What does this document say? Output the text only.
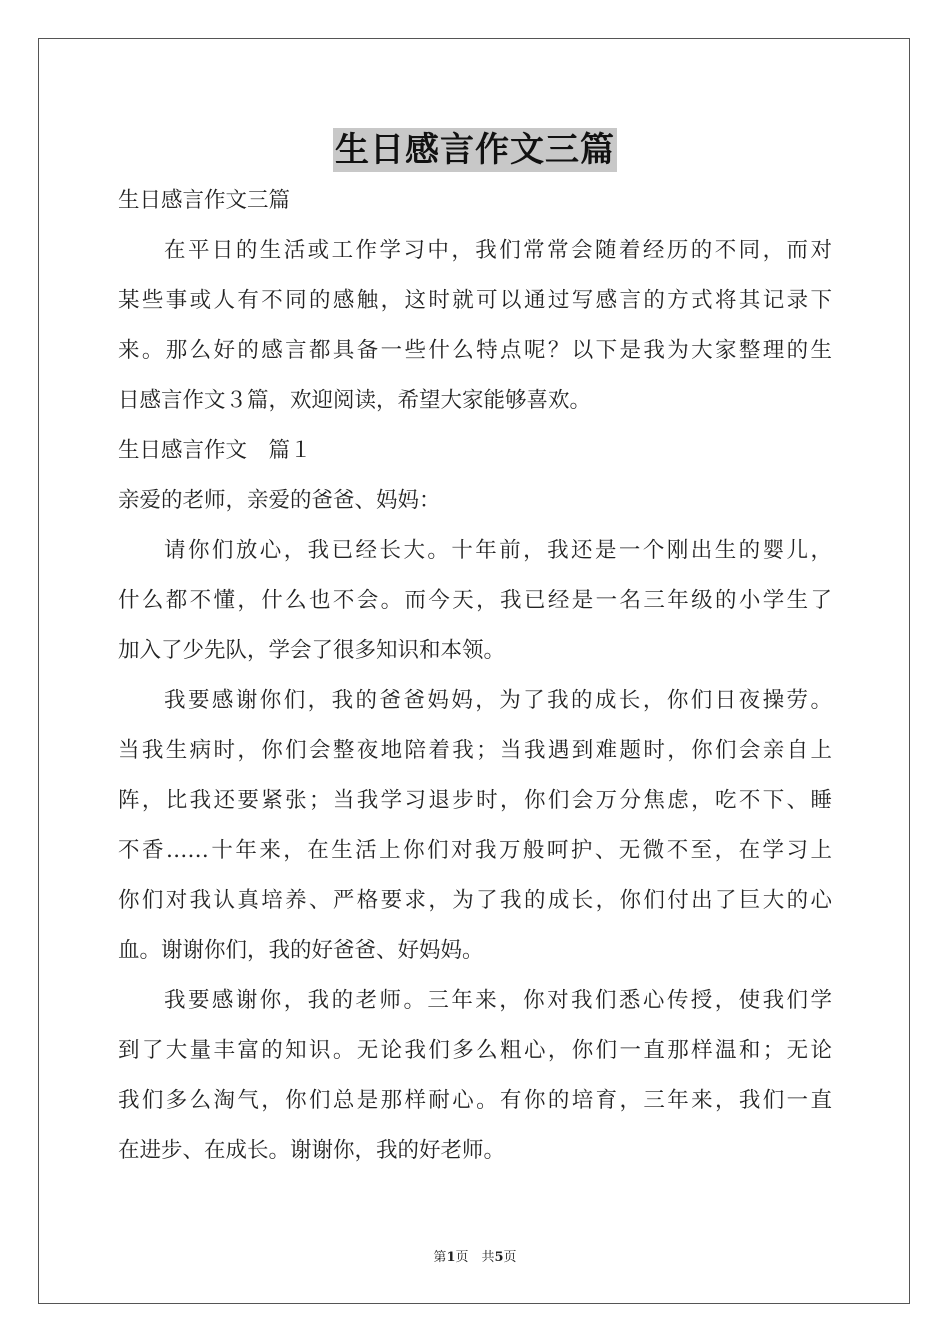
生日感言作文三篇
生日感言作文三篇
在平日的生活或工作学习中，我们常常会随着经历的不同，而对
某些事或人有不同的感触，这时就可以通过写感言的方式将其记录下
来。那么好的感言都具备一些什么特点呢？以下是我为大家整理的生
日感言作文３篇，欢迎阅读，希望大家能够喜欢。
生日感言作文　篇１
亲爱的老师，亲爱的爸爸、妈妈：
请你们放心，我已经长大。十年前，我还是一个刚出生的婴儿，
什么都不懂，什么也不会。而今天，我已经是一名三年级的小学生了
加入了少先队，学会了很多知识和本领。
我要感谢你们，我的爸爸妈妈，为了我的成长，你们日夜操劳。
当我生病时，你们会整夜地陪着我；当我遇到难题时，你们会亲自上
阵，比我还要紧张；当我学习退步时，你们会万分焦虑，吃不下、睡
不香……十年来，在生活上你们对我万般呵护、无微不至，在学习上
你们对我认真培养、严格要求，为了我的成长，你们付出了巨大的心
血。谢谢你们，我的好爸爸、好妈妈。
我要感谢你，我的老师。三年来，你对我们悉心传授，使我们学
到了大量丰富的知识。无论我们多么粗心，你们一直那样温和；无论
我们多么淘气，你们总是那样耐心。有你的培育，三年来，我们一直
在进步、在成长。谢谢你，我的好老师。
第1页　共5页
